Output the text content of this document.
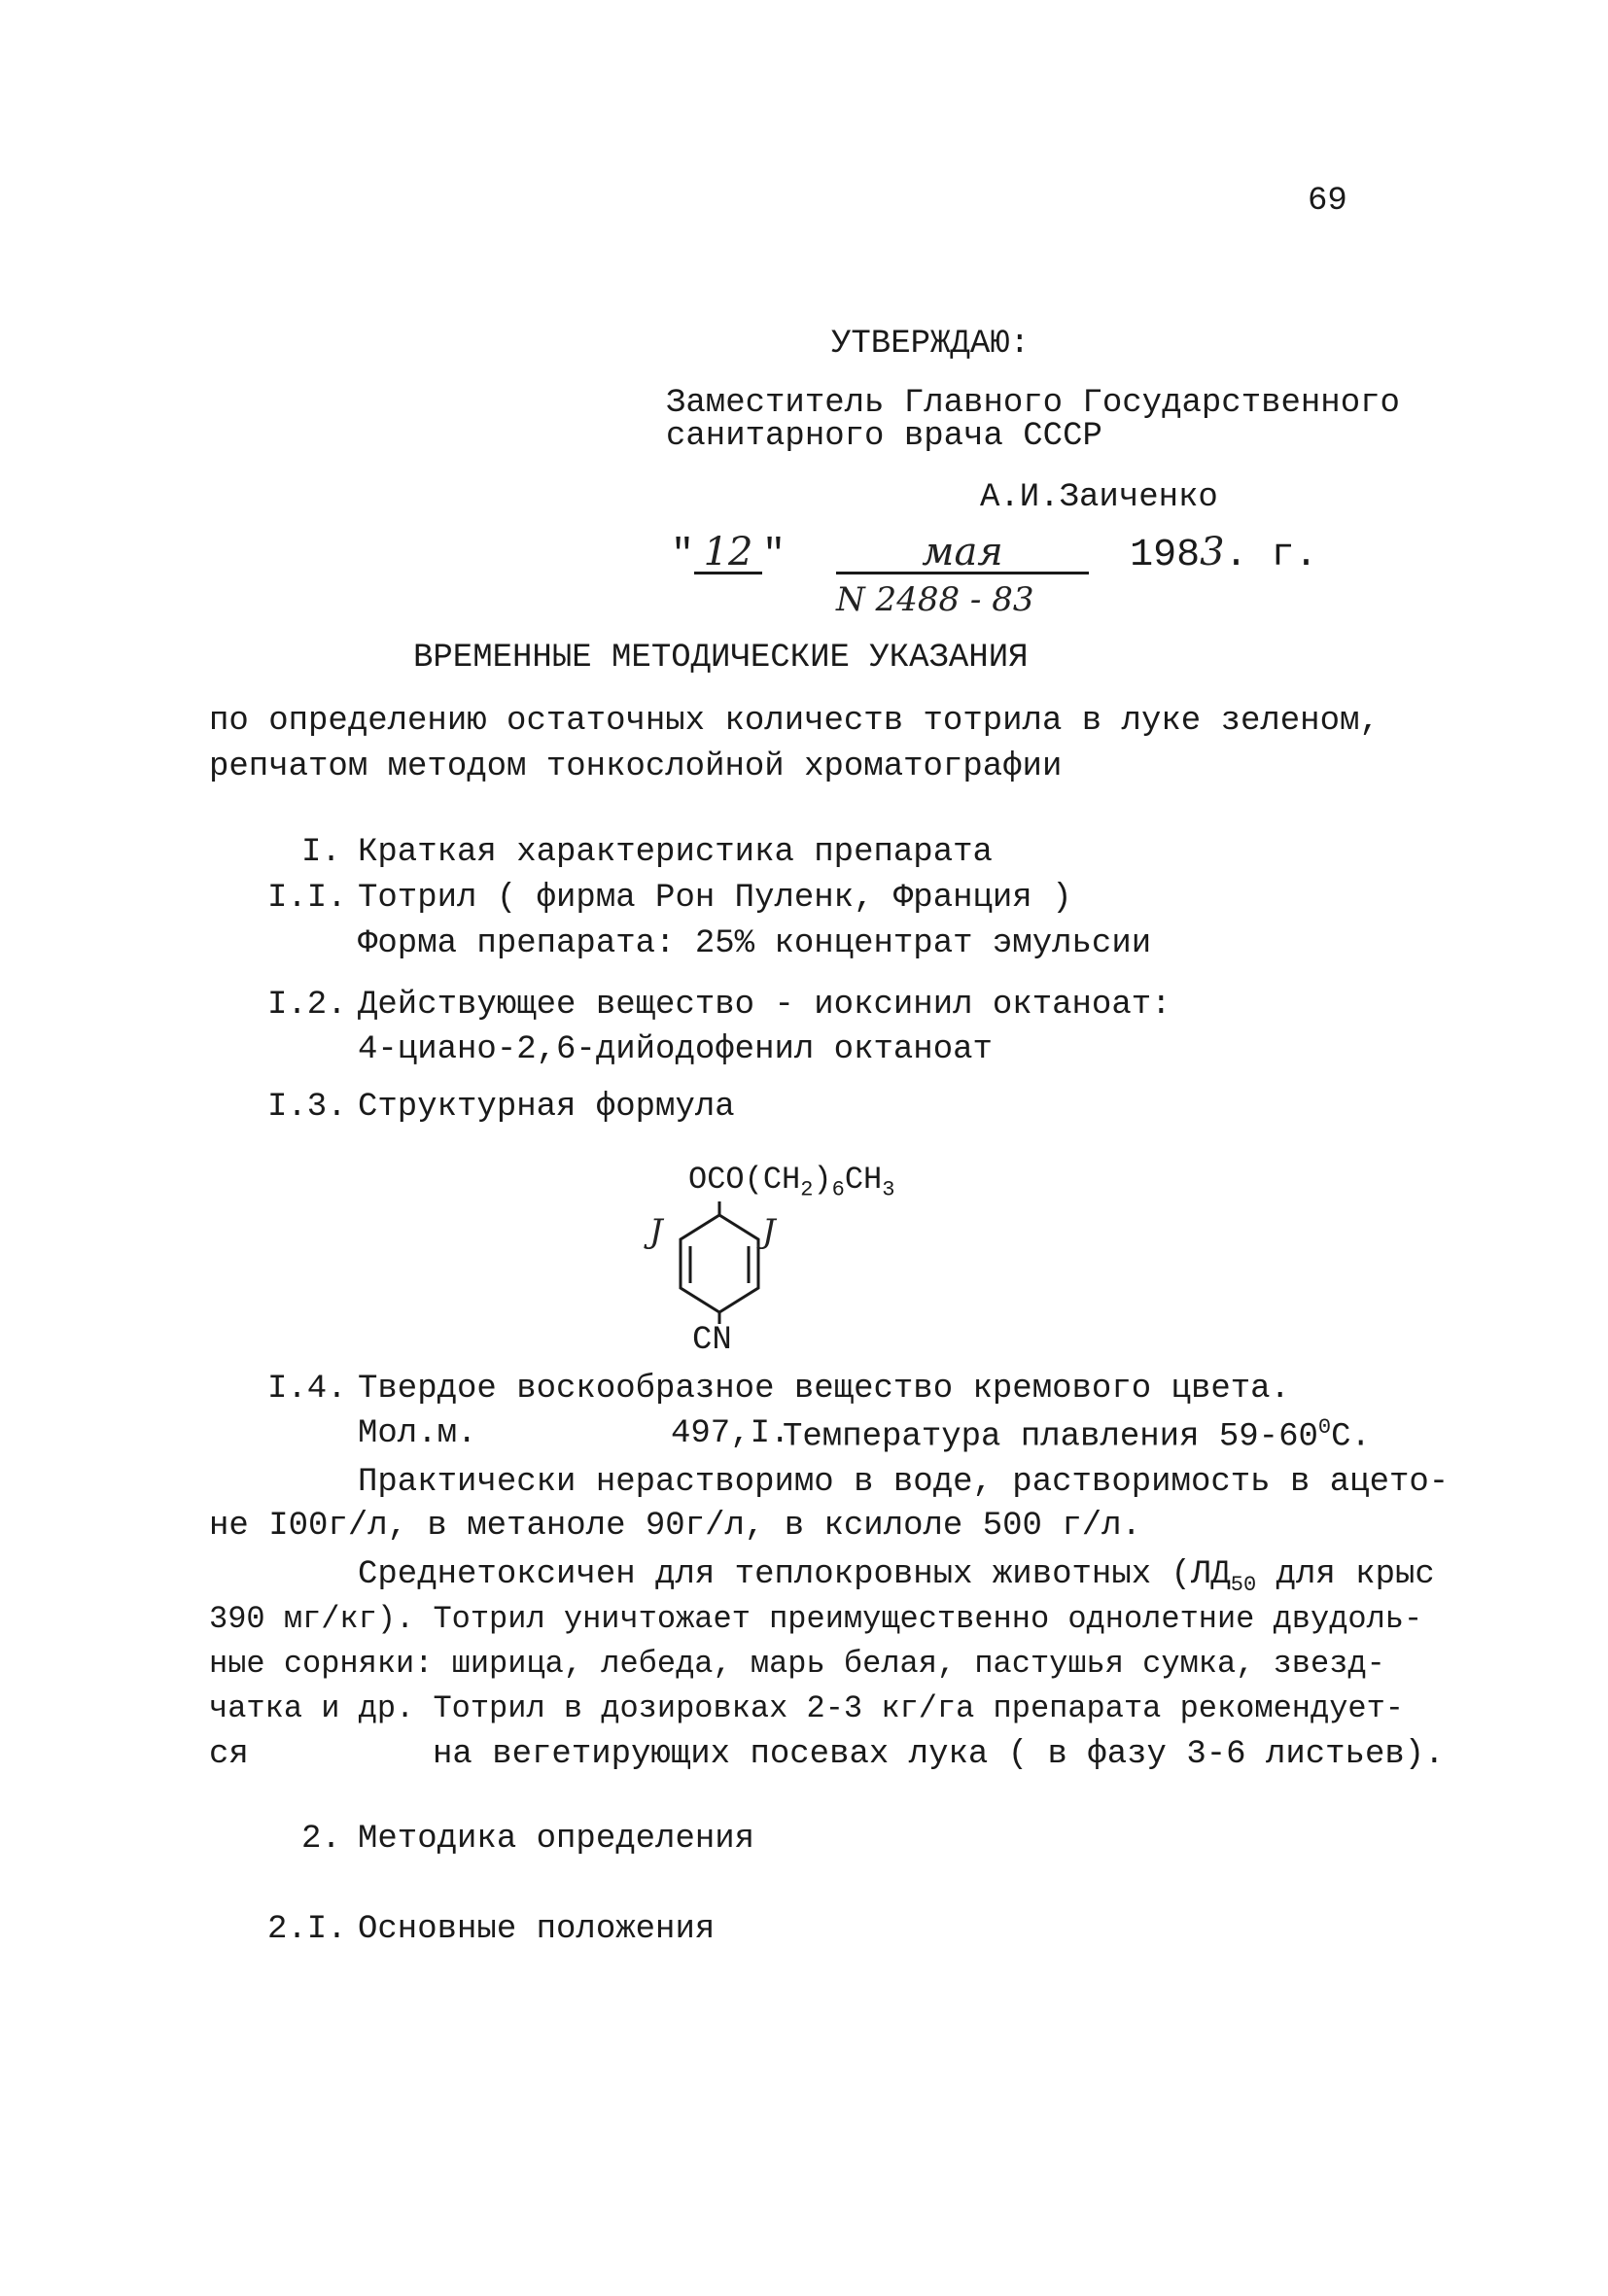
69
УТВЕРЖДАЮ:
Заместитель Главного Государственного
санитарного врача СССР
А.И.Заиченко
" 12 "	мая	1983. г.
N 2488 - 83
ВРЕМЕННЫЕ МЕТОДИЧЕСКИЕ УКАЗАНИЯ
по определению остаточных количеств тотрила в луке зеленом,
репчатом методом тонкослойной хроматографии
I. Краткая характеристика препарата
I.I. Тотрил ( фирма Рон Пуленк, Франция )
Форма препарата: 25% концентрат эмульсии
I.2. Действующее вещество - иоксинил октаноат:
4-циано-2,6-дийодофенил октаноат
I.3. Структурная формула
$OCO(CH_2)_6CH_3$
J	J
CN
I.4. Твердое воскообразное вещество кремового цвета.
Мол.м.	497,I.
Температура плавления $59-60^0С$.
Практически нерастворимо в воде, растворимость в ацето-
не I00г/л, в метаноле 90г/л, в ксилоле 500 г/л.
Среднетоксичен для теплокровных животных ($ЛД_{50}$ для крыс
390 мг/кг). Тотрил уничтожает преимущественно однолетние двудоль-
ные сорняки: ширица, лебеда, марь белая, пастушья сумка, звезд-
чатка и др. Тотрил в дозировках 2-3 кг/га препарата рекомендует-
ся	на вегетирующих посевах лука ( в фазу 3-6 листьев).
2. Методика определения
2.I. Основные положения
